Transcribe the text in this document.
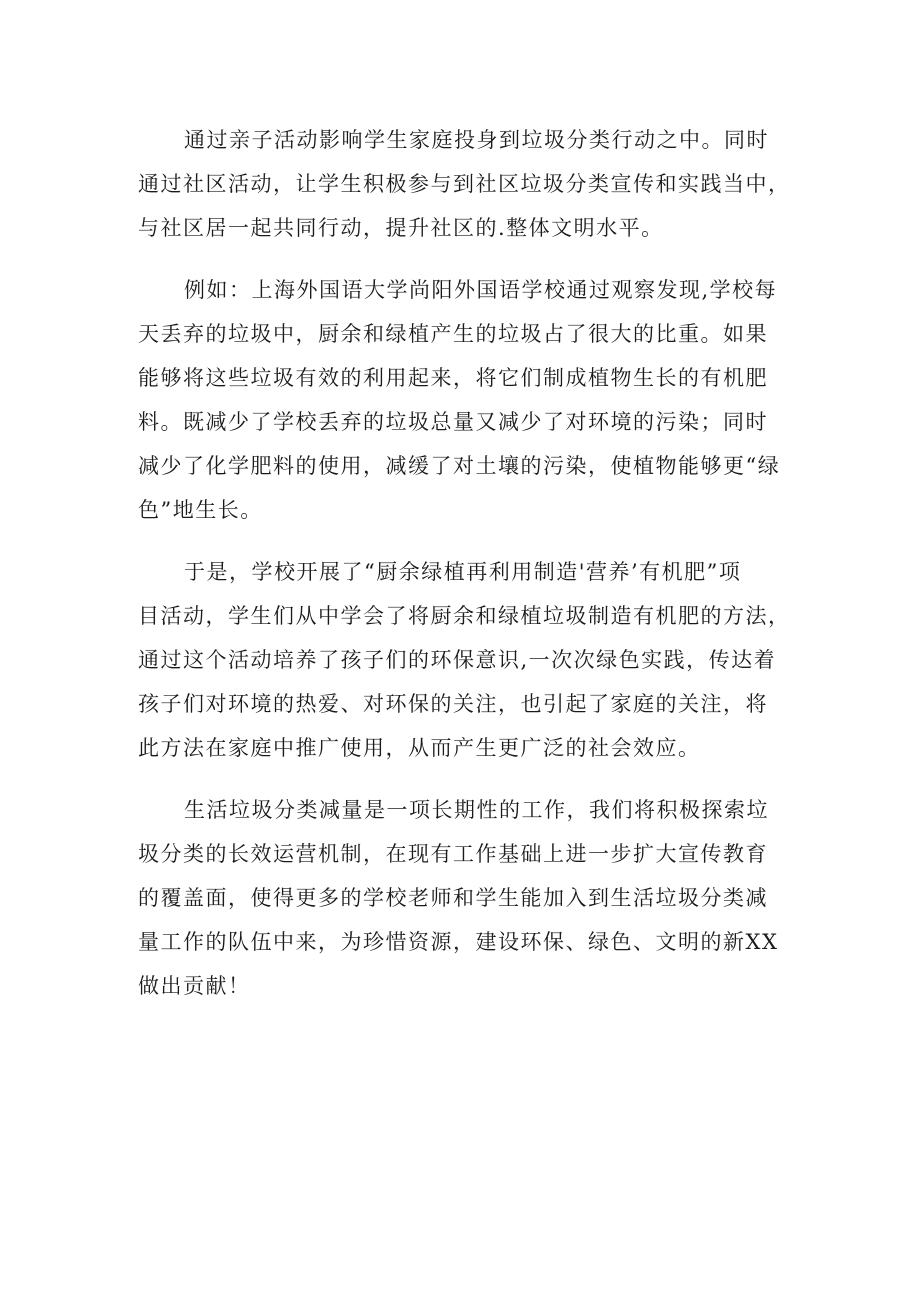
通过亲子活动影响学生家庭投身到垃圾分类行动之中。同时
通过社区活动，让学生积极参与到社区垃圾分类宣传和实践当中，
与社区居一起共同行动，提升社区的.整体文明水平。

例如：上海外国语大学尚阳外国语学校通过观察发现,学校每
天丢弃的垃圾中，厨余和绿植产生的垃圾占了很大的比重。如果
能够将这些垃圾有效的利用起来，将它们制成植物生长的有机肥
料。既减少了学校丢弃的垃圾总量又减少了对环境的污染；同时
减少了化学肥料的使用，减缓了对土壤的污染，使植物能够更“绿
色”地生长。

于是，学校开展了“厨余绿植再利用制造'营养’有机肥”项
目活动，学生们从中学会了将厨余和绿植垃圾制造有机肥的方法，
通过这个活动培养了孩子们的环保意识,一次次绿色实践，传达着
孩子们对环境的热爱、对环保的关注，也引起了家庭的关注，将
此方法在家庭中推广使用，从而产生更广泛的社会效应。

生活垃圾分类减量是一项长期性的工作，我们将积极探索垃
圾分类的长效运营机制，在现有工作基础上进一步扩大宣传教育
的覆盖面，使得更多的学校老师和学生能加入到生活垃圾分类减
量工作的队伍中来，为珍惜资源，建设环保、绿色、文明的新XX
做出贡献！
